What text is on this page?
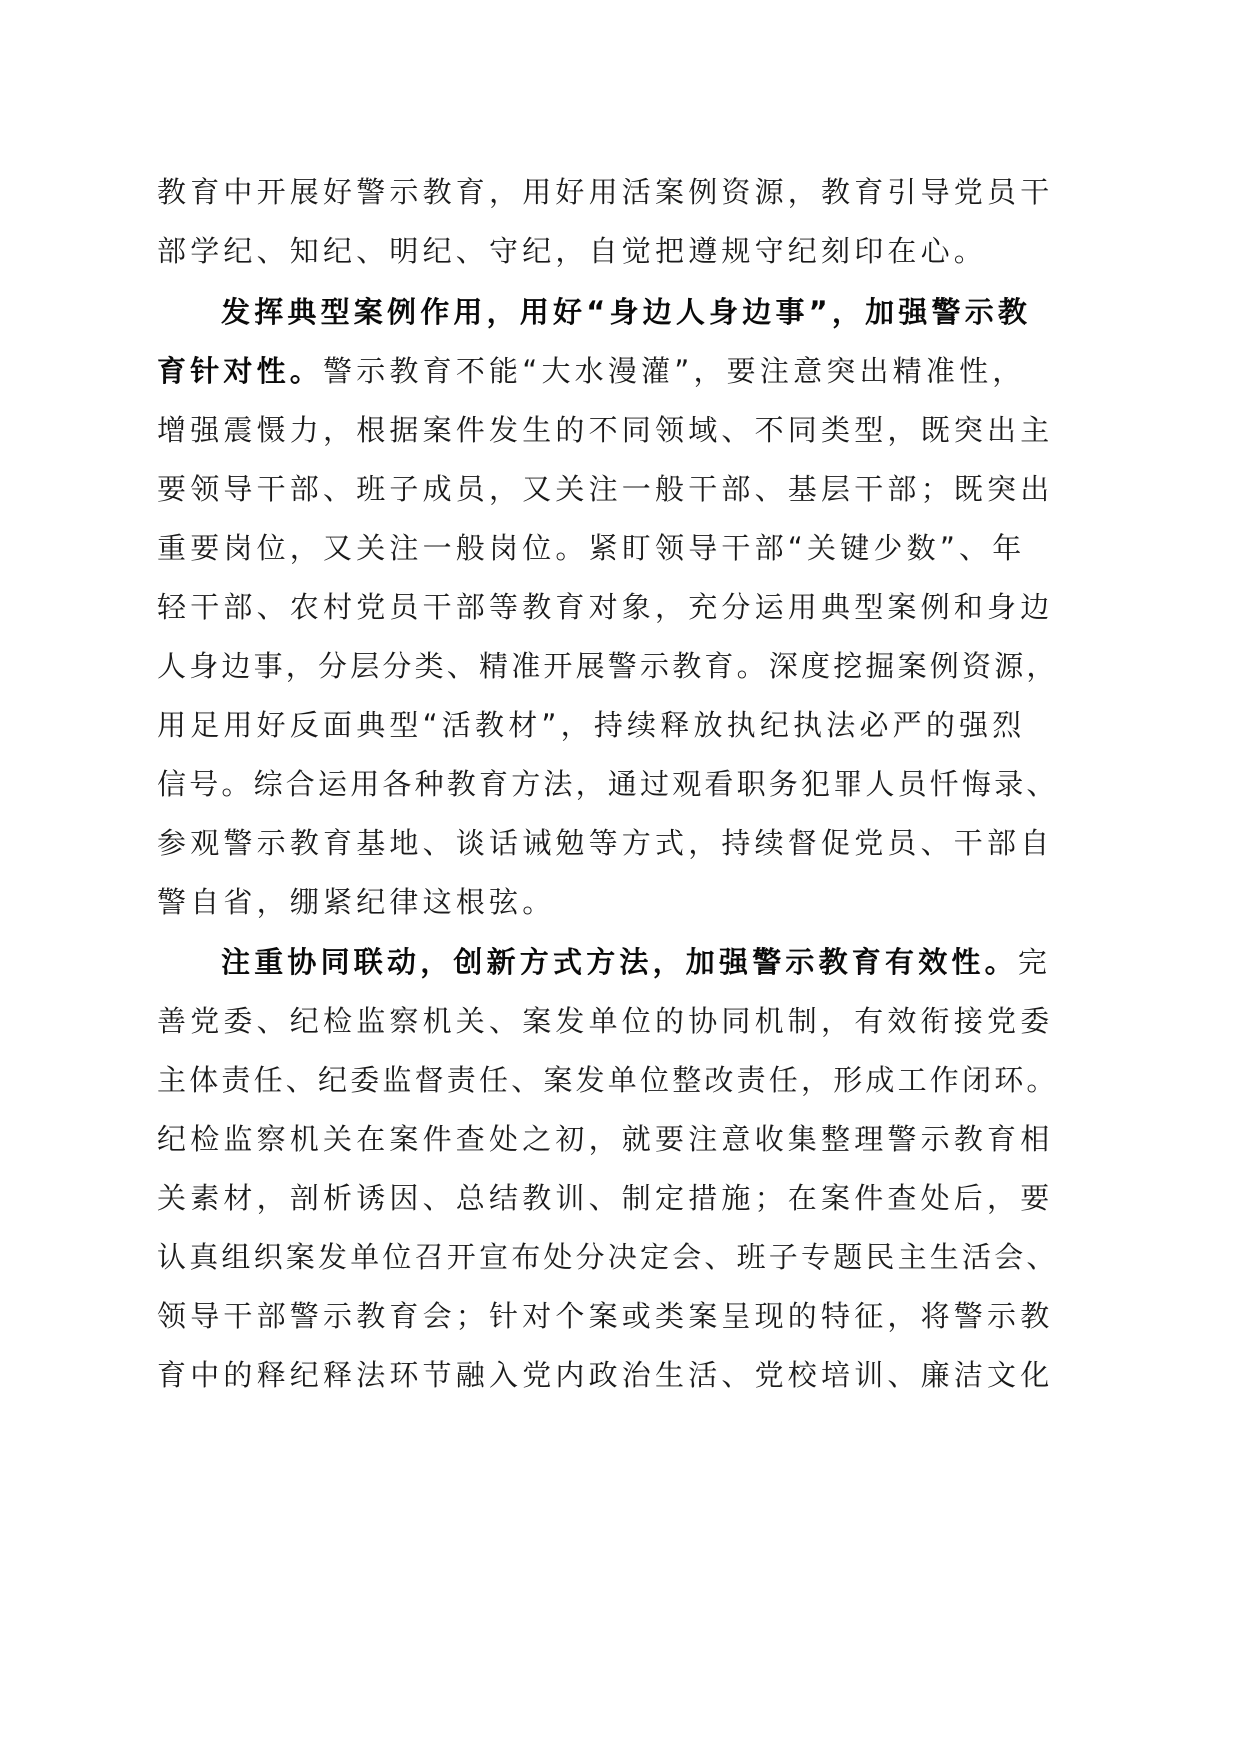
教育中开展好警示教育，用好用活案例资源，教育引导党员干
部学纪、知纪、明纪、守纪，自觉把遵规守纪刻印在心。
发挥典型案例作用，用好“身边人身边事”，加强警示教
育针对性。警示教育不能“大水漫灌”，要注意突出精准性，
增强震慑力，根据案件发生的不同领域、不同类型，既突出主
要领导干部、班子成员，又关注一般干部、基层干部；既突出
重要岗位，又关注一般岗位。紧盯领导干部“关键少数”、年
轻干部、农村党员干部等教育对象，充分运用典型案例和身边
人身边事，分层分类、精准开展警示教育。深度挖掘案例资源，
用足用好反面典型“活教材”，持续释放执纪执法必严的强烈
信号。综合运用各种教育方法，通过观看职务犯罪人员忏悔录、
参观警示教育基地、谈话诫勉等方式，持续督促党员、干部自
警自省，绷紧纪律这根弦。
注重协同联动，创新方式方法，加强警示教育有效性。完
善党委、纪检监察机关、案发单位的协同机制，有效衔接党委
主体责任、纪委监督责任、案发单位整改责任，形成工作闭环。
纪检监察机关在案件查处之初，就要注意收集整理警示教育相
关素材，剖析诱因、总结教训、制定措施；在案件查处后，要
认真组织案发单位召开宣布处分决定会、班子专题民主生活会、
领导干部警示教育会；针对个案或类案呈现的特征，将警示教
育中的释纪释法环节融入党内政治生活、党校培训、廉洁文化
